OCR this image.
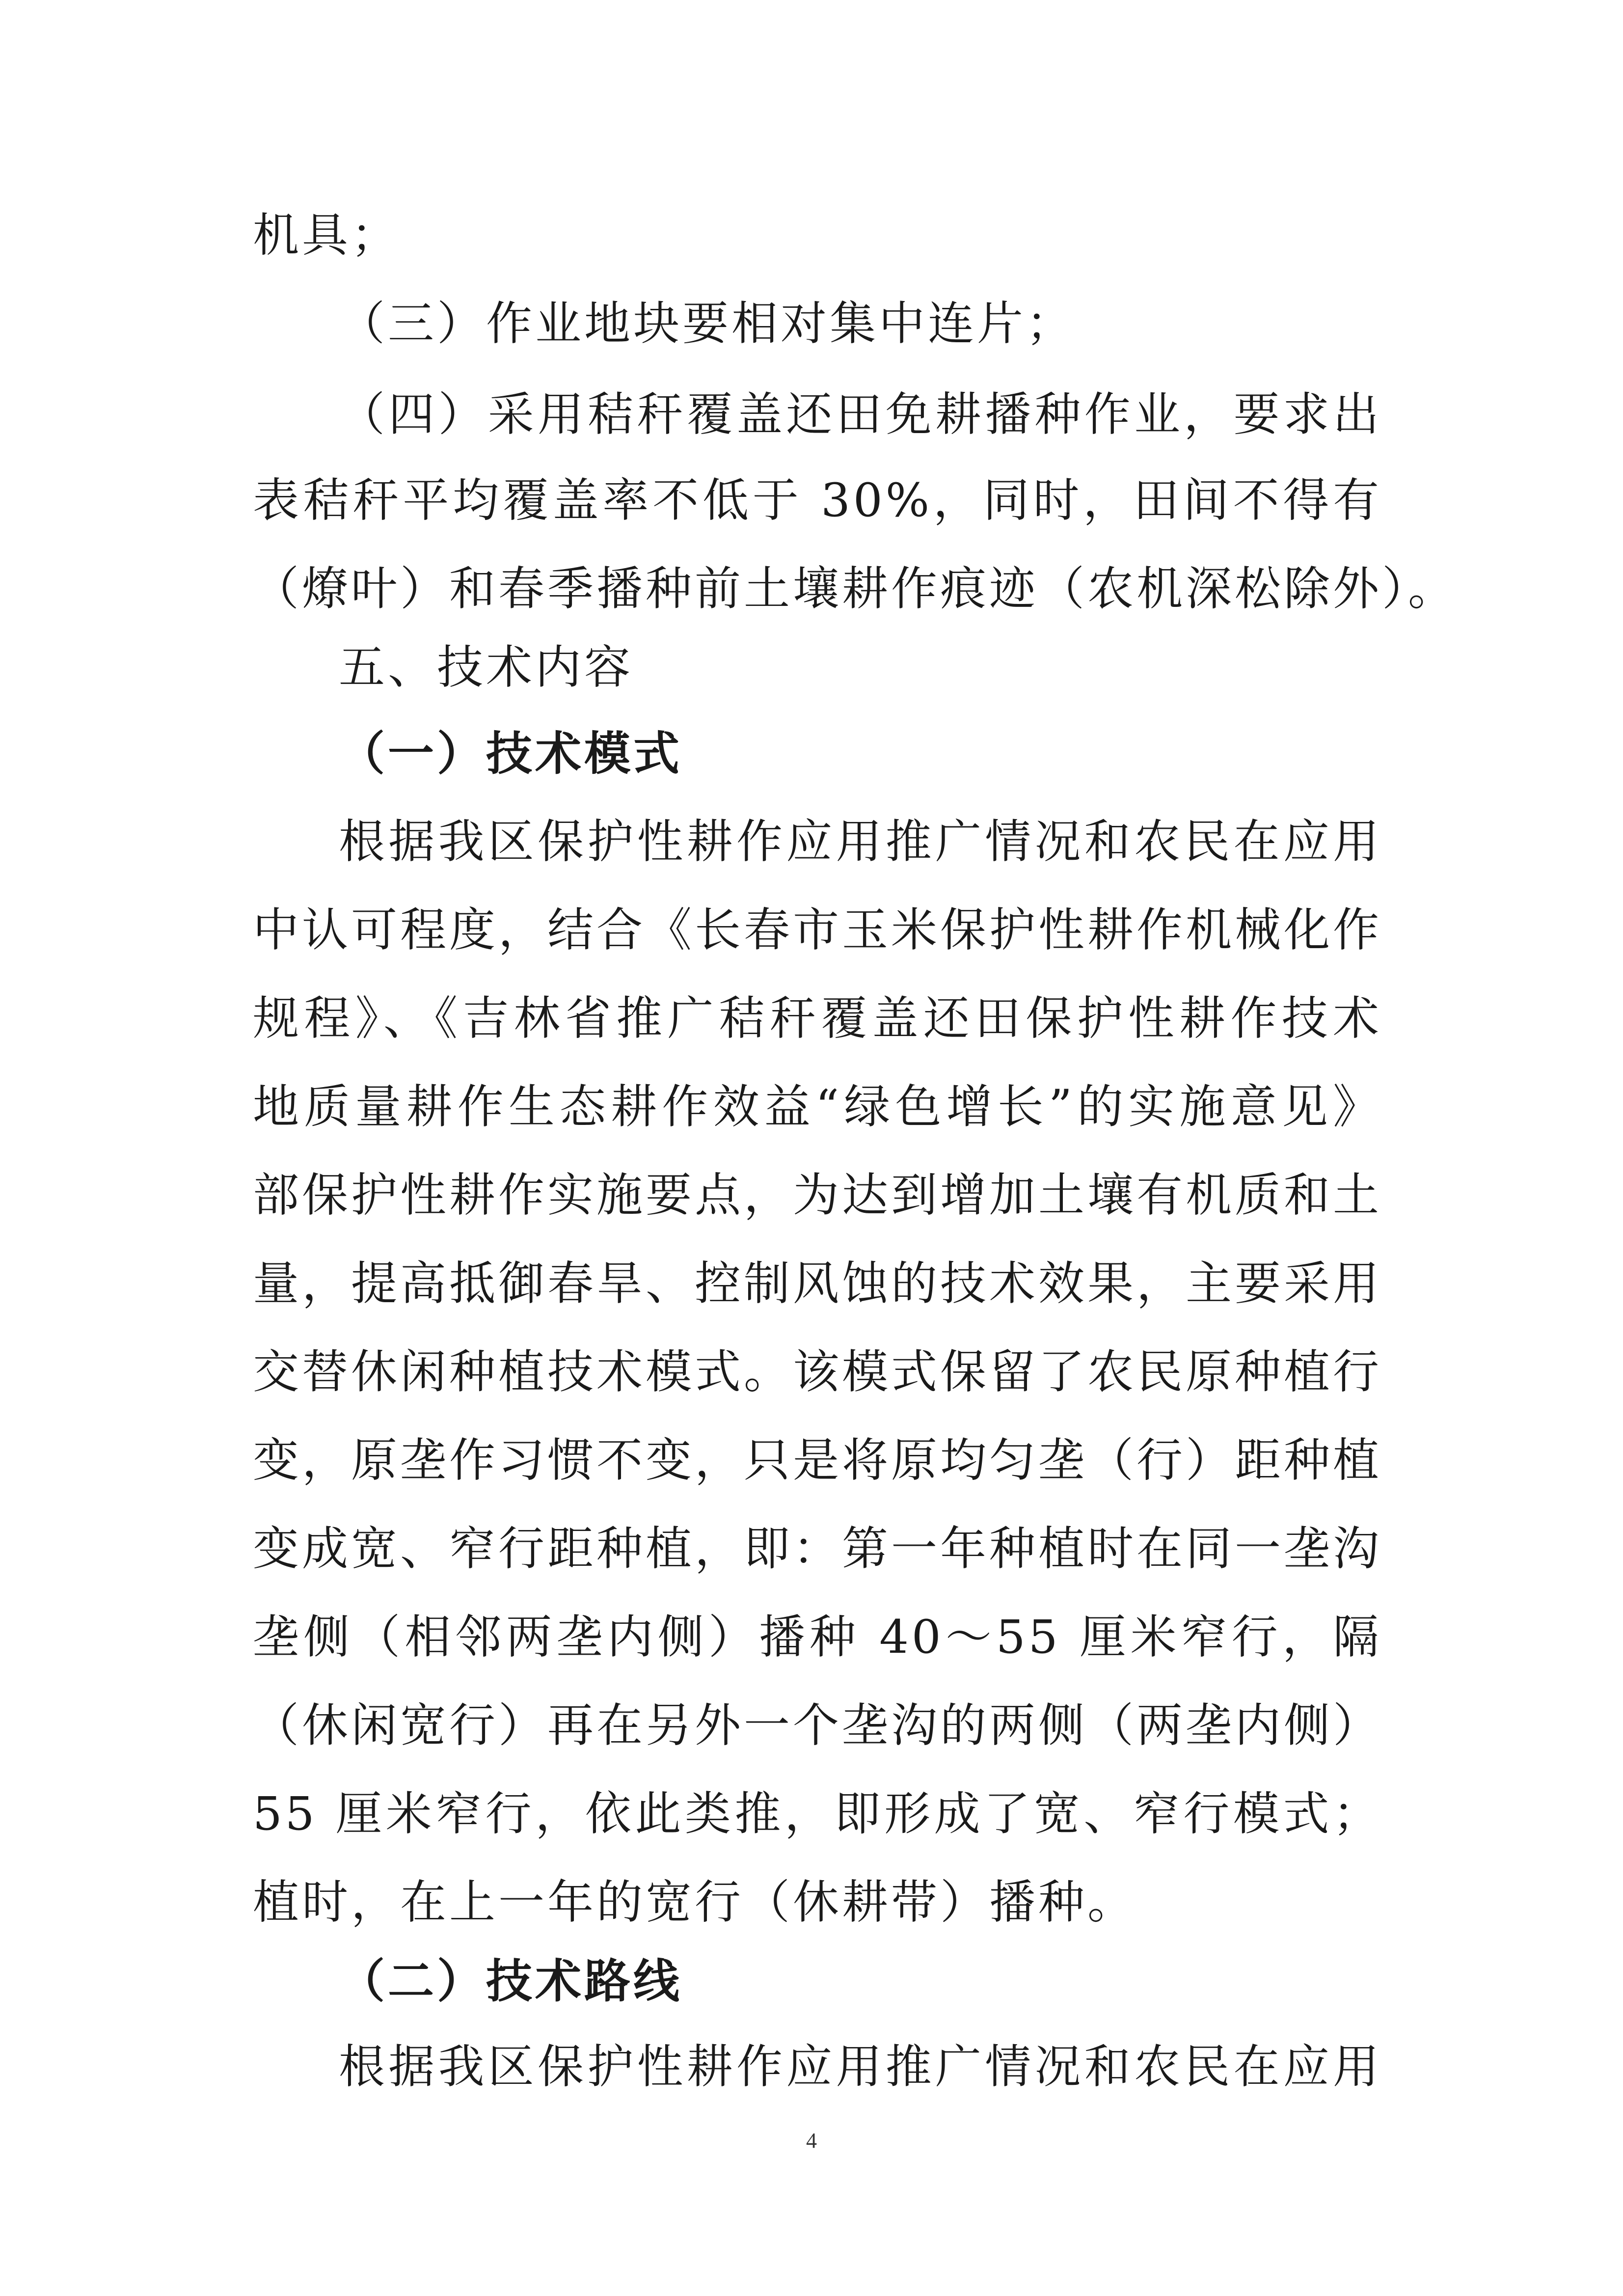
机具；
（三）作业地块要相对集中连片；
（四）采用秸秆覆盖还田免耕播种作业，要求出
表秸秆平均覆盖率不低于 30%，同时，田间不得有
（燎叶）和春季播种前土壤耕作痕迹（农机深松除外）。
五、技术内容
（一）技术模式
根据我区保护性耕作应用推广情况和农民在应用
中认可程度，结合《长春市玉米保护性耕作机械化作
规程》、《吉林省推广秸秆覆盖还田保护性耕作技术
地质量耕作生态耕作效益“绿色增长”的实施意见》
部保护性耕作实施要点，为达到增加土壤有机质和土
量，提高抵御春旱、控制风蚀的技术效果，主要采用
交替休闲种植技术模式。该模式保留了农民原种植行
变，原垄作习惯不变，只是将原均匀垄（行）距种植
变成宽、窄行距种植，即：第一年种植时在同一垄沟
垄侧（相邻两垄内侧）播种 40～55 厘米窄行，隔
（休闲宽行）再在另外一个垄沟的两侧（两垄内侧）
55 厘米窄行，依此类推，即形成了宽、窄行模式；
植时，在上一年的宽行（休耕带）播种。
（二）技术路线
根据我区保护性耕作应用推广情况和农民在应用
4
